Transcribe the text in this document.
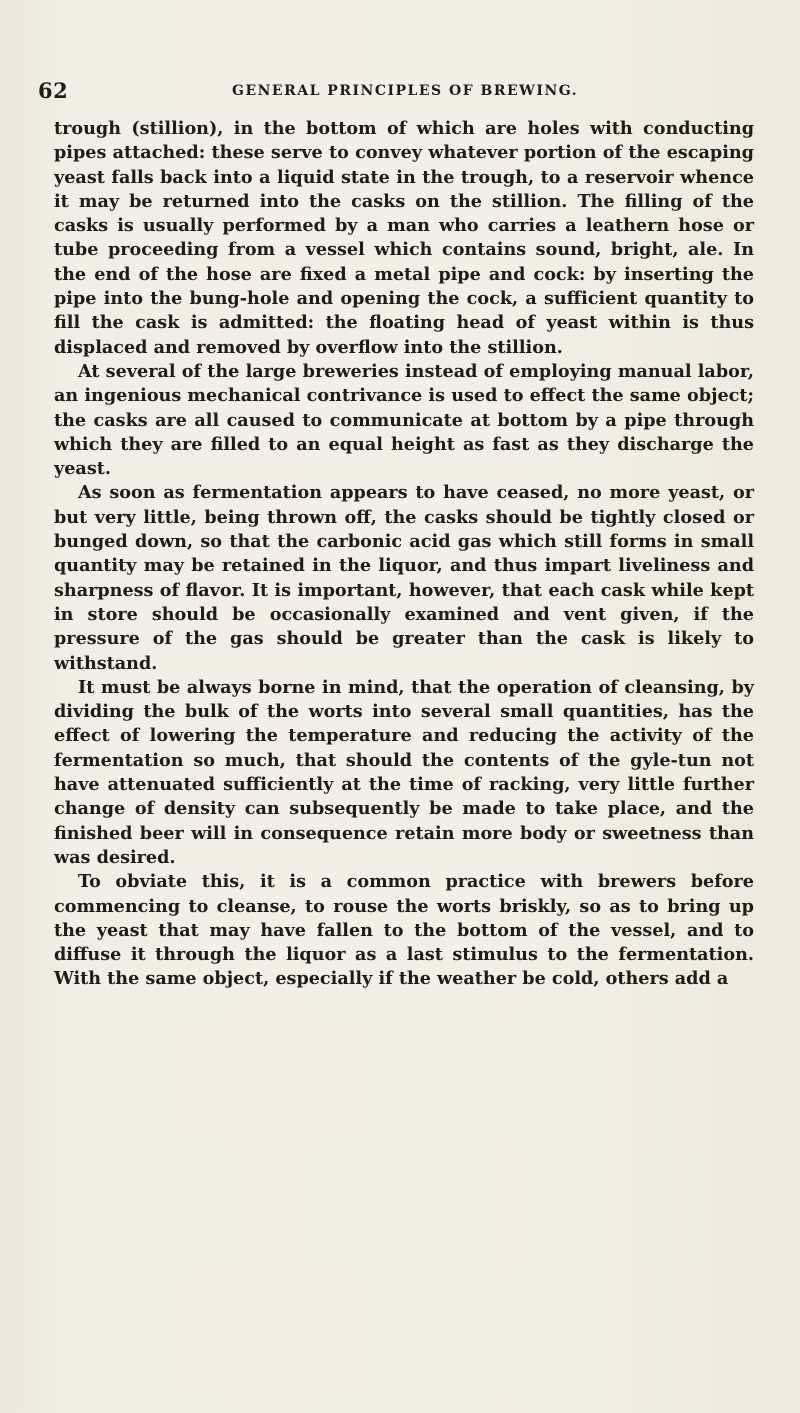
62	GENERAL PRINCIPLES OF BREWING.

trough (stillion), in the bottom of which are holes with conducting pipes attached: these serve to convey whatever portion of the escaping yeast falls back into a liquid state in the trough, to a reservoir whence it may be returned into the casks on the stillion. The filling of the casks is usually performed by a man who carries a leathern hose or tube proceeding from a vessel which contains sound, bright, ale. In the end of the hose are fixed a metal pipe and cock: by inserting the pipe into the bung-hole and opening the cock, a sufficient quantity to fill the cask is admitted: the floating head of yeast within is thus displaced and removed by overflow into the stillion.

At several of the large breweries instead of employing manual labor, an ingenious mechanical contrivance is used to effect the same object; the casks are all caused to communicate at bottom by a pipe through which they are filled to an equal height as fast as they discharge the yeast.

As soon as fermentation appears to have ceased, no more yeast, or but very little, being thrown off, the casks should be tightly closed or bunged down, so that the carbonic acid gas which still forms in small quantity may be retained in the liquor, and thus impart liveliness and sharpness of flavor. It is important, however, that each cask while kept in store should be occasionally examined and vent given, if the pressure of the gas should be greater than the cask is likely to withstand.

It must be always borne in mind, that the operation of cleansing, by dividing the bulk of the worts into several small quantities, has the effect of lowering the temperature and reducing the activity of the fermentation so much, that should the contents of the gyle-tun not have attenuated sufficiently at the time of racking, very little further change of density can subsequently be made to take place, and the finished beer will in consequence retain more body or sweetness than was desired.

To obviate this, it is a common practice with brewers before commencing to cleanse, to rouse the worts briskly, so as to bring up the yeast that may have fallen to the bottom of the vessel, and to diffuse it through the liquor as a last stimulus to the fermentation. With the same object, especially if the weather be cold, others add a
